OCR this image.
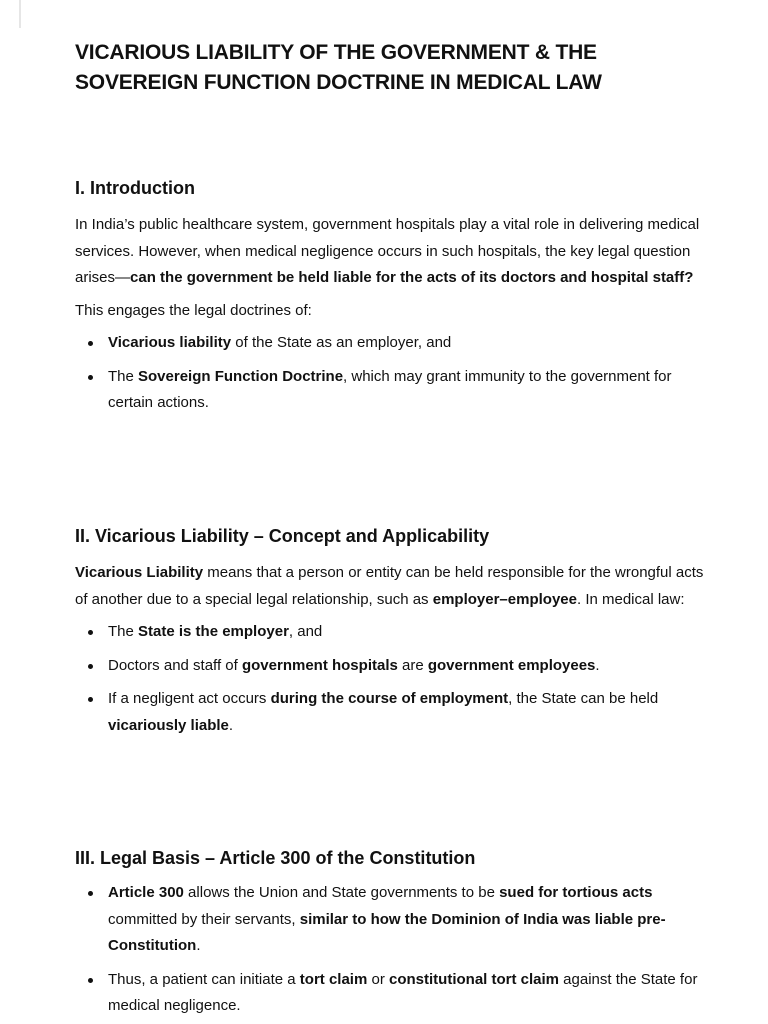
VICARIOUS LIABILITY OF THE GOVERNMENT & THE
SOVEREIGN FUNCTION DOCTRINE IN MEDICAL LAW
I. Introduction

In India’s public healthcare system, government hospitals play a vital role in delivering medical services. However, when medical negligence occurs in such hospitals, the key legal question arises—can the government be held liable for the acts of its doctors and hospital staff?

This engages the legal doctrines of:

Vicarious liability of the State as an employer, and
The Sovereign Function Doctrine, which may grant immunity to the government for certain actions.
II. Vicarious Liability – Concept and Applicability

Vicarious Liability means that a person or entity can be held responsible for the wrongful acts of another due to a special legal relationship, such as employer–employee. In medical law:

The State is the employer, and
Doctors and staff of government hospitals are government employees.
If a negligent act occurs during the course of employment, the State can be held vicariously liable.
III. Legal Basis – Article 300 of the Constitution
Article 300 allows the Union and State governments to be sued for tortious acts committed by their servants, similar to how the Dominion of India was liable pre-Constitution.
Thus, a patient can initiate a tort claim or constitutional tort claim against the State for medical negligence.
